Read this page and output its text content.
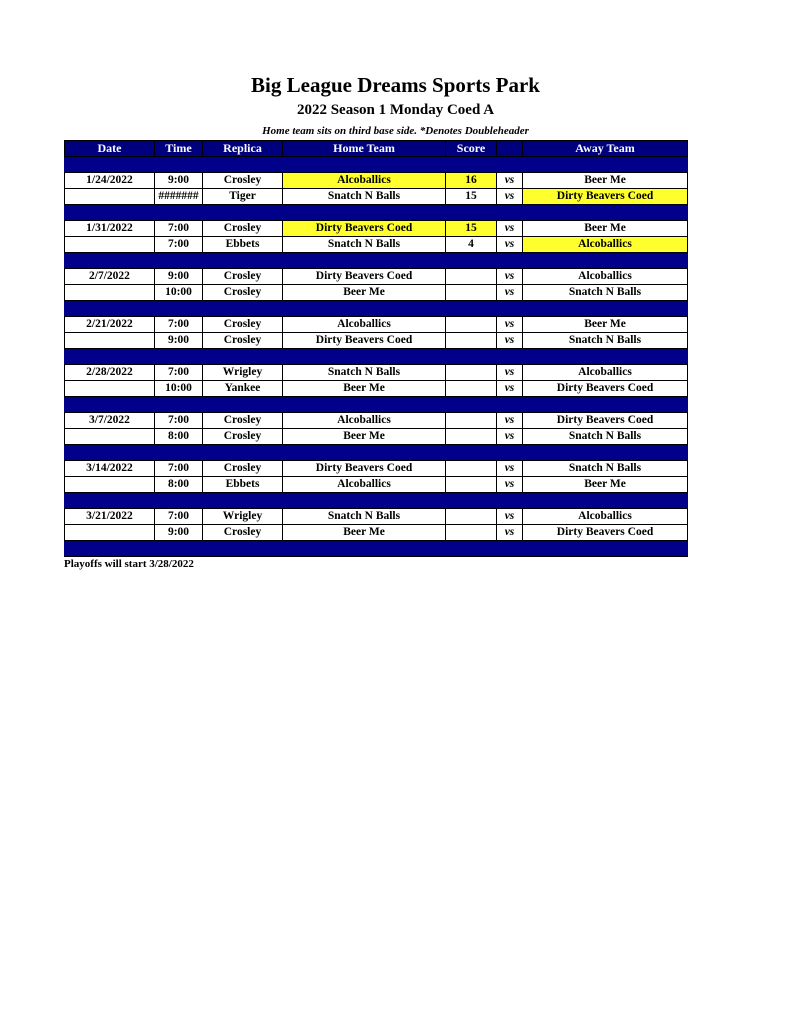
Big League Dreams Sports Park
2022 Season 1 Monday Coed A
Home team sits on third base side. *Denotes Doubleheader
Date	Time	Replica	Home Team	Score		Away Team

1/24/2022	9:00	Crosley	Alcoballics	16	vs	Beer Me
	#######	Tiger	Snatch N Balls	15	vs	Dirty Beavers Coed

1/31/2022	7:00	Crosley	Dirty Beavers Coed	15	vs	Beer Me
	7:00	Ebbets	Snatch N Balls	4	vs	Alcoballics

2/7/2022	9:00	Crosley	Dirty Beavers Coed		vs	Alcoballics
	10:00	Crosley	Beer Me		vs	Snatch N Balls

2/21/2022	7:00	Crosley	Alcoballics		vs	Beer Me
	9:00	Crosley	Dirty Beavers Coed		vs	Snatch N Balls

2/28/2022	7:00	Wrigley	Snatch N Balls		vs	Alcoballics
	10:00	Yankee	Beer Me		vs	Dirty Beavers Coed

3/7/2022	7:00	Crosley	Alcoballics		vs	Dirty Beavers Coed
	8:00	Crosley	Beer Me		vs	Snatch N Balls

3/14/2022	7:00	Crosley	Dirty Beavers Coed		vs	Snatch N Balls
	8:00	Ebbets	Alcoballics		vs	Beer Me

3/21/2022	7:00	Wrigley	Snatch N Balls		vs	Alcoballics
	9:00	Crosley	Beer Me		vs	Dirty Beavers Coed

Playoffs will start 3/28/2022
